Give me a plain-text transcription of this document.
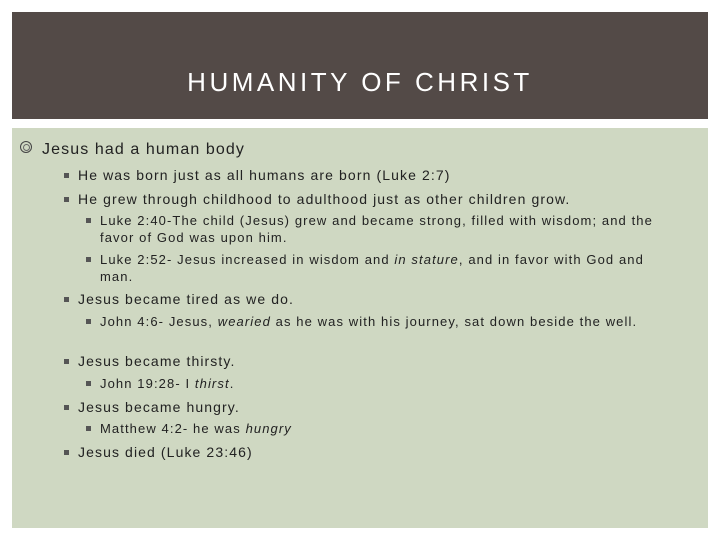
HUMANITY OF CHRIST
Jesus had a human body
He was born just as all humans are born (Luke 2:7)
He grew through childhood to adulthood just as other children grow.
Luke 2:40-The child (Jesus) grew and became strong, filled with wisdom; and the favor of God was upon him.
Luke 2:52- Jesus increased in wisdom and in stature, and in favor with God and man.
Jesus became tired as we do.
John 4:6- Jesus, wearied as he was with his journey, sat down beside the well.
Jesus became thirsty.
John 19:28- I thirst.
Jesus became hungry.
Matthew 4:2- he was hungry
Jesus died (Luke 23:46)
